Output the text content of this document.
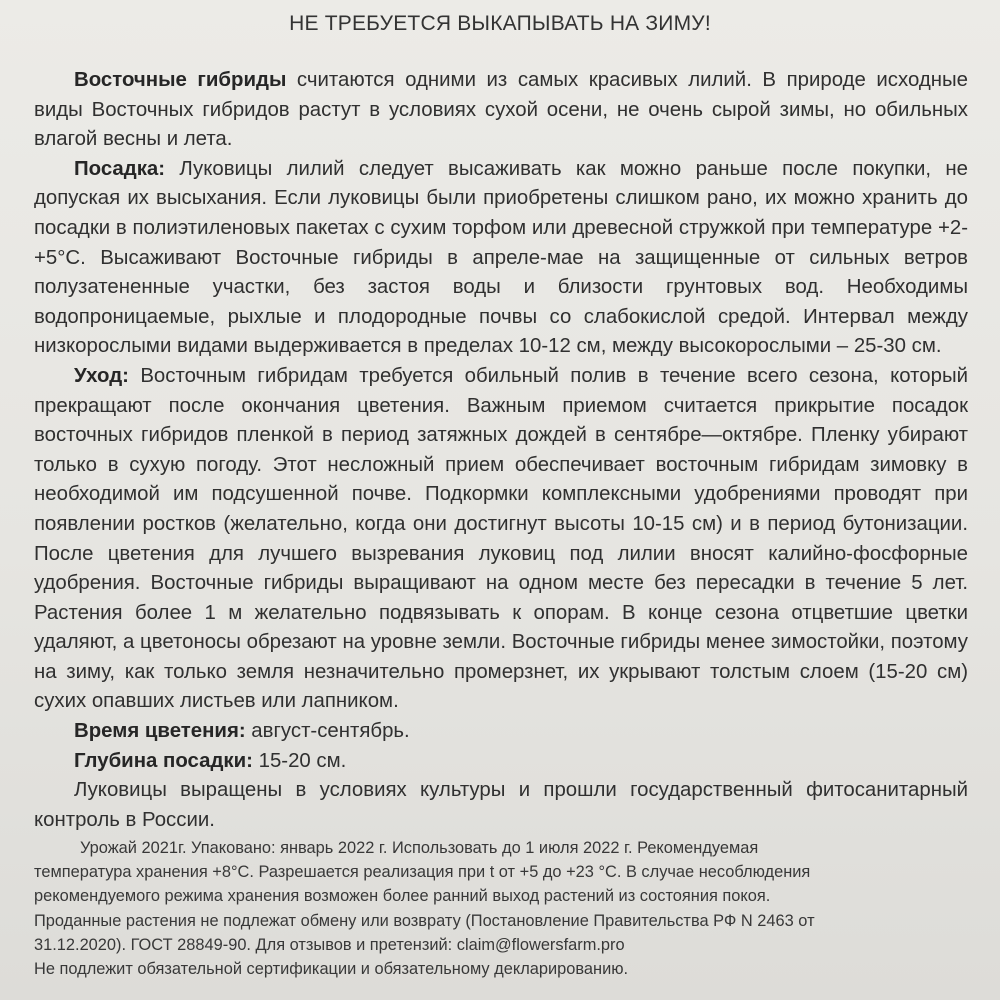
НЕ ТРЕБУЕТСЯ ВЫКАПЫВАТЬ НА ЗИМУ!

Восточные гибриды считаются одними из самых красивых лилий. В природе исходные виды Восточных гибридов растут в условиях сухой осени, не очень сырой зимы, но обильных влагой весны и лета.

Посадка: Луковицы лилий следует высаживать как можно раньше после покупки, не допуская их высыхания. Если луковицы были приобретены слишком рано, их можно хранить до посадки в полиэтиленовых пакетах с сухим торфом или древесной стружкой при температуре +2-+5°С. Высаживают Восточные гибриды в апреле-мае на защищенные от сильных ветров полузатененные участки, без застоя воды и близости грунтовых вод. Необходимы водопроницаемые, рыхлые и плодородные почвы со слабокислой средой. Интервал между низкорослыми видами выдерживается в пределах 10-12 см, между высокорослыми – 25-30 см.

Уход: Восточным гибридам требуется обильный полив в течение всего сезона, который прекращают после окончания цветения. Важным приемом считается прикрытие посадок восточных гибридов пленкой в период затяжных дождей в сентябре—октябре. Пленку убирают только в сухую погоду. Этот несложный прием обеспечивает восточным гибридам зимовку в необходимой им подсушенной почве. Подкормки комплексными удобрениями проводят при появлении ростков (желательно, когда они достигнут высоты 10-15 см) и в период бутонизации. После цветения для лучшего вызревания луковиц под лилии вносят калийно-фосфорные удобрения. Восточные гибриды выращивают на одном месте без пересадки в течение 5 лет. Растения более 1 м желательно подвязывать к опорам. В конце сезона отцветшие цветки удаляют, а цветоносы обрезают на уровне земли. Восточные гибриды менее зимостойки, поэтому на зиму, как только земля незначительно промерзнет, их укрывают толстым слоем (15-20 см) сухих опавших листьев или лапником.

Время цветения: август-сентябрь.

Глубина посадки: 15-20 см.

Луковицы выращены в условиях культуры и прошли государственный фитосанитарный контроль в России.

Урожай 2021г. Упаковано: январь 2022 г. Использовать до 1 июля 2022 г. Рекомендуемая

температура хранения +8°С. Разрешается реализация при t от +5 до +23 °С. В случае несоблюдения

рекомендуемого режима хранения возможен более ранний выход растений из состояния покоя.

Проданные растения не подлежат обмену или возврату (Постановление Правительства РФ N 2463 от

31.12.2020). ГОСТ 28849-90. Для отзывов и претензий: claim@flowersfarm.pro

Не подлежит обязательной сертификации и обязательному декларированию.
